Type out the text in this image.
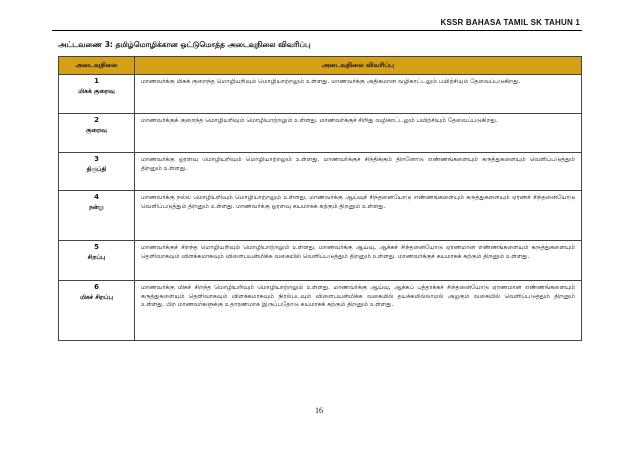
KSSR BAHASA TAMIL SK TAHUN 1
அட்டவணை 3: தமிழ்மொழிக்கான ஒட்டுமொத்த அடைவுநிலை விவரிப்பு
அடைவுநிலை	அடைவுநிலை விவரிப்பு

1
மிகக் குறைவு	மாணவர்க்கு மிகக் குறைந்த மொழியறிவும் மொழியாற்றலும் உள்ளது. மாணவர்க்கு அதிகமான வழிகாட்டலும் பயிற்சியும் தேவைப்படுகிறது.

2
குறைவு	மாணவர்க்குக் குறைந்த மொழியறிவும் மொழியாற்றலும் உள்ளது. மாணவர்க்குச் சிறிது வழிகாட்டலும் பயிற்சியும் தேவைப்படுகிறது.

3
திருப்தி	மாணவர்க்கு ஓரளவு மொழியறிவும் மொழியாற்றலும் உள்ளது. மாணவர்க்குச் சிந்திக்கும் திறனோடு எண்ணங்களையும் கருத்துகளையும் வெளிப்படுத்தும் திறனும் உள்ளது.

4
நன்று	மாணவர்க்கு நல்ல மொழியறிவும் மொழியாற்றலும் உள்ளது. மாணவர்க்கு ஆய்வுச் சிந்தனையோடு எண்ணங்களையும் கருத்துகளையும் ஏரணச் சிந்தனையோடு வெளிப்படுத்தும் திறனும் உள்ளது. மாணவர்க்கு ஓரளவு சுயமாகக் கற்கும் திறனும் உள்ளது.

5
சிறப்பு	மாணவர்க்குச் சிறந்த மொழியறிவும் மொழியாற்றலும் உள்ளது. மாணவர்க்கு ஆய்வு, ஆக்கச் சிந்தனையோடு ஏரணமான எண்ணங்களையும் கருத்துகளையும் தெளிவாகவும் விளக்கமாகவும் விளைபயன்மிக்க வகையில் வெளிப்படுத்தும் திறனும் உள்ளது. மாணவர்க்குச் சுயமாகக் கற்கும் திறனும் உள்ளது.

6
மிகச் சிறப்பு	மாணவர்க்கு மிகச் சிறந்த மொழியறிவும் மொழியாற்றலும் உள்ளது. மாணவர்க்கு ஆய்வு, ஆக்கப் புத்தாக்கச் சிந்தனையோடு ஏரணமான எண்ணங்களையும் கருத்துகளையும் தெளிவாகவும் விளக்கமாகவும் நிரல்படவும் விளைபயன்மிக்க வகையில் தயக்கமில்லாமல் அழகும் வகையில் வெளிப்படுத்தும் திறனும் உள்ளது. பிற மாணவர்களுக்கு உதாரணமாக இருப்பதோடு சுயமாகக் கற்கும் திறனும் உள்ளது.
16
